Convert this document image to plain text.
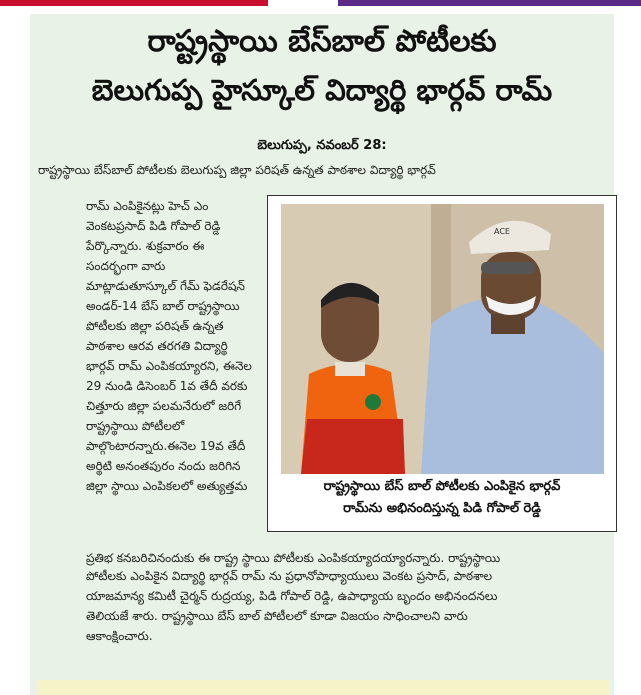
రాష్ట్రస్థాయి బేస్‌బాల్ పోటీలకు
బెలుగుప్ప హైస్కూల్ విద్యార్థి భార్గవ్ రామ్
బెలుగుప్ప, నవంబర్ 28:

రాష్ట్రస్థాయి బేస్‌బాల్ పోటీలకు బెలుగుప్ప జిల్లా పరిషత్ ఉన్నత పాఠశాల విద్యార్థి భార్గవ్

రామ్ ఎంపికైనట్లు హెచ్ ఎం
వెంకటప్రసాద్ పిడి గోపాల్ రెడ్డి
పేర్కొన్నారు. శుక్రవారం ఈ
సందర్భంగా వారు
మాట్లాడుతూస్కూల్ గేమ్ ఫెడరేషన్
అండర్-14 బేస్ బాల్ రాష్ట్రస్థాయి
పోటీలకు జిల్లా పరిషత్ ఉన్నత
పాఠశాల ఆరవ తరగతి విద్యార్థి
భార్గవ్ రామ్ ఎంపికయ్యారని, ఈనెల
29 నుండి డిసెంబర్ 1వ తేదీ వరకు
చిత్తూరు జిల్లా పలమనేరులో జరిగే
రాష్ట్రస్థాయి పోటీలలో
పాల్గొంటారన్నారు.ఈనెల 19వ తేదీ
అర్థిటి అనంతపురం నందు జరిగిన
జిల్లా స్థాయి ఎంపికలలో అత్యుత్తమ
ACE
రాష్ట్రస్థాయి బేస్ బాల్ పోటీలకు ఎంపికైన భార్గవ్
రామ్‌ను అభినందిస్తున్న పిడి గోపాల్ రెడ్డి
ప్రతిభ కనబరిచినందుకు ఈ రాష్ట్ర స్థాయి పోటీలకు ఎంపికయ్యాదయ్యారన్నారు. రాష్ట్రస్థాయి
పోటీలకు ఎంపికైన విద్యార్థి భార్గవ్ రామ్ ను ప్రధానోపాధ్యాయులు వెంకట ప్రసాద్, పాఠశాల
యాజమాన్య కమిటీ చైర్మన్ రుద్రయ్య, పిడి గోపాల్ రెడ్డి, ఉపాధ్యాయ బృందం అభినందనలు
తెలియజే శారు. రాష్ట్రస్థాయి బేస్ బాల్ పోటీలలో కూడా విజయం సాధించాలని వారు
ఆకాంక్షించారు.
